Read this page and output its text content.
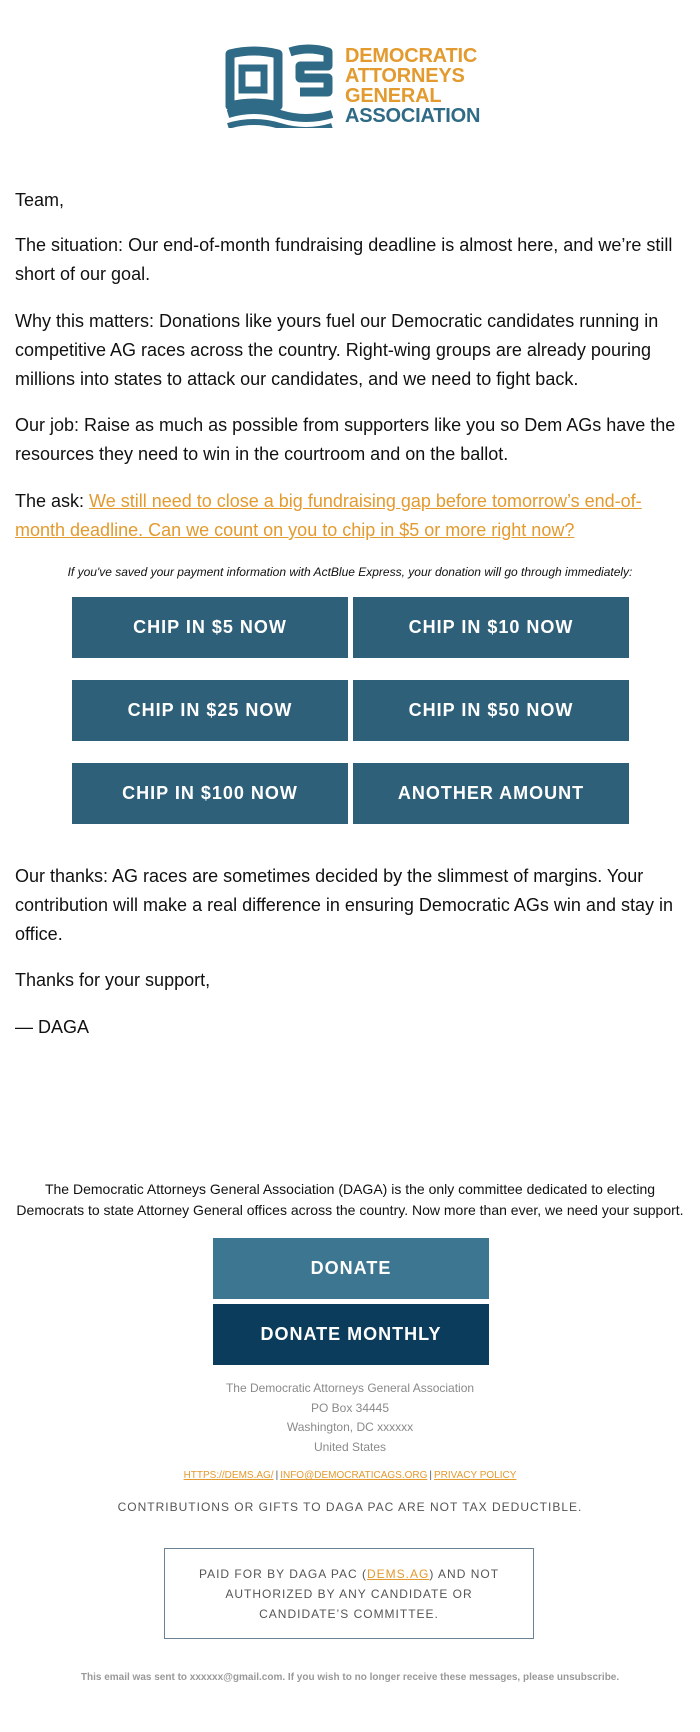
DEMOCRATIC
ATTORNEYS
GENERAL
ASSOCIATION

Team,

The situation: Our end-of-month fundraising deadline is almost here, and we’re still short of our goal.

Why this matters: Donations like yours fuel our Democratic candidates running in competitive AG races across the country. Right-wing groups are already pouring millions into states to attack our candidates, and we need to fight back.

Our job: Raise as much as possible from supporters like you so Dem AGs have the resources they need to win in the courtroom and on the ballot.

The ask: We still need to close a big fundraising gap before tomorrow’s end-of-month deadline. Can we count on you to chip in $5 or more right now?

If you've saved your payment information with ActBlue Express, your donation will go through immediately:
CHIP IN $5 NOW	CHIP IN $10 NOW
CHIP IN $25 NOW	CHIP IN $50 NOW
CHIP IN $100 NOW	ANOTHER AMOUNT

Our thanks: AG races are sometimes decided by the slimmest of margins. Your contribution will make a real difference in ensuring Democratic AGs win and stay in office.

Thanks for your support,

— DAGA

The Democratic Attorneys General Association (DAGA) is the only committee dedicated to electing Democrats to state Attorney General offices across the country. Now more than ever, we need your support.
DONATE
DONATE MONTHLY
The Democratic Attorneys General Association
PO Box 34445
Washington, DC xxxxxx
United States
HTTPS://DEMS.AG/ | INFO@DEMOCRATICAGS.ORG | PRIVACY POLICY
CONTRIBUTIONS OR GIFTS TO DAGA PAC ARE NOT TAX DEDUCTIBLE.
PAID FOR BY DAGA PAC (DEMS.AG) AND NOT AUTHORIZED BY ANY CANDIDATE OR CANDIDATE’S COMMITTEE.
This email was sent to xxxxxx@gmail.com. If you wish to no longer receive these messages, please unsubscribe.
